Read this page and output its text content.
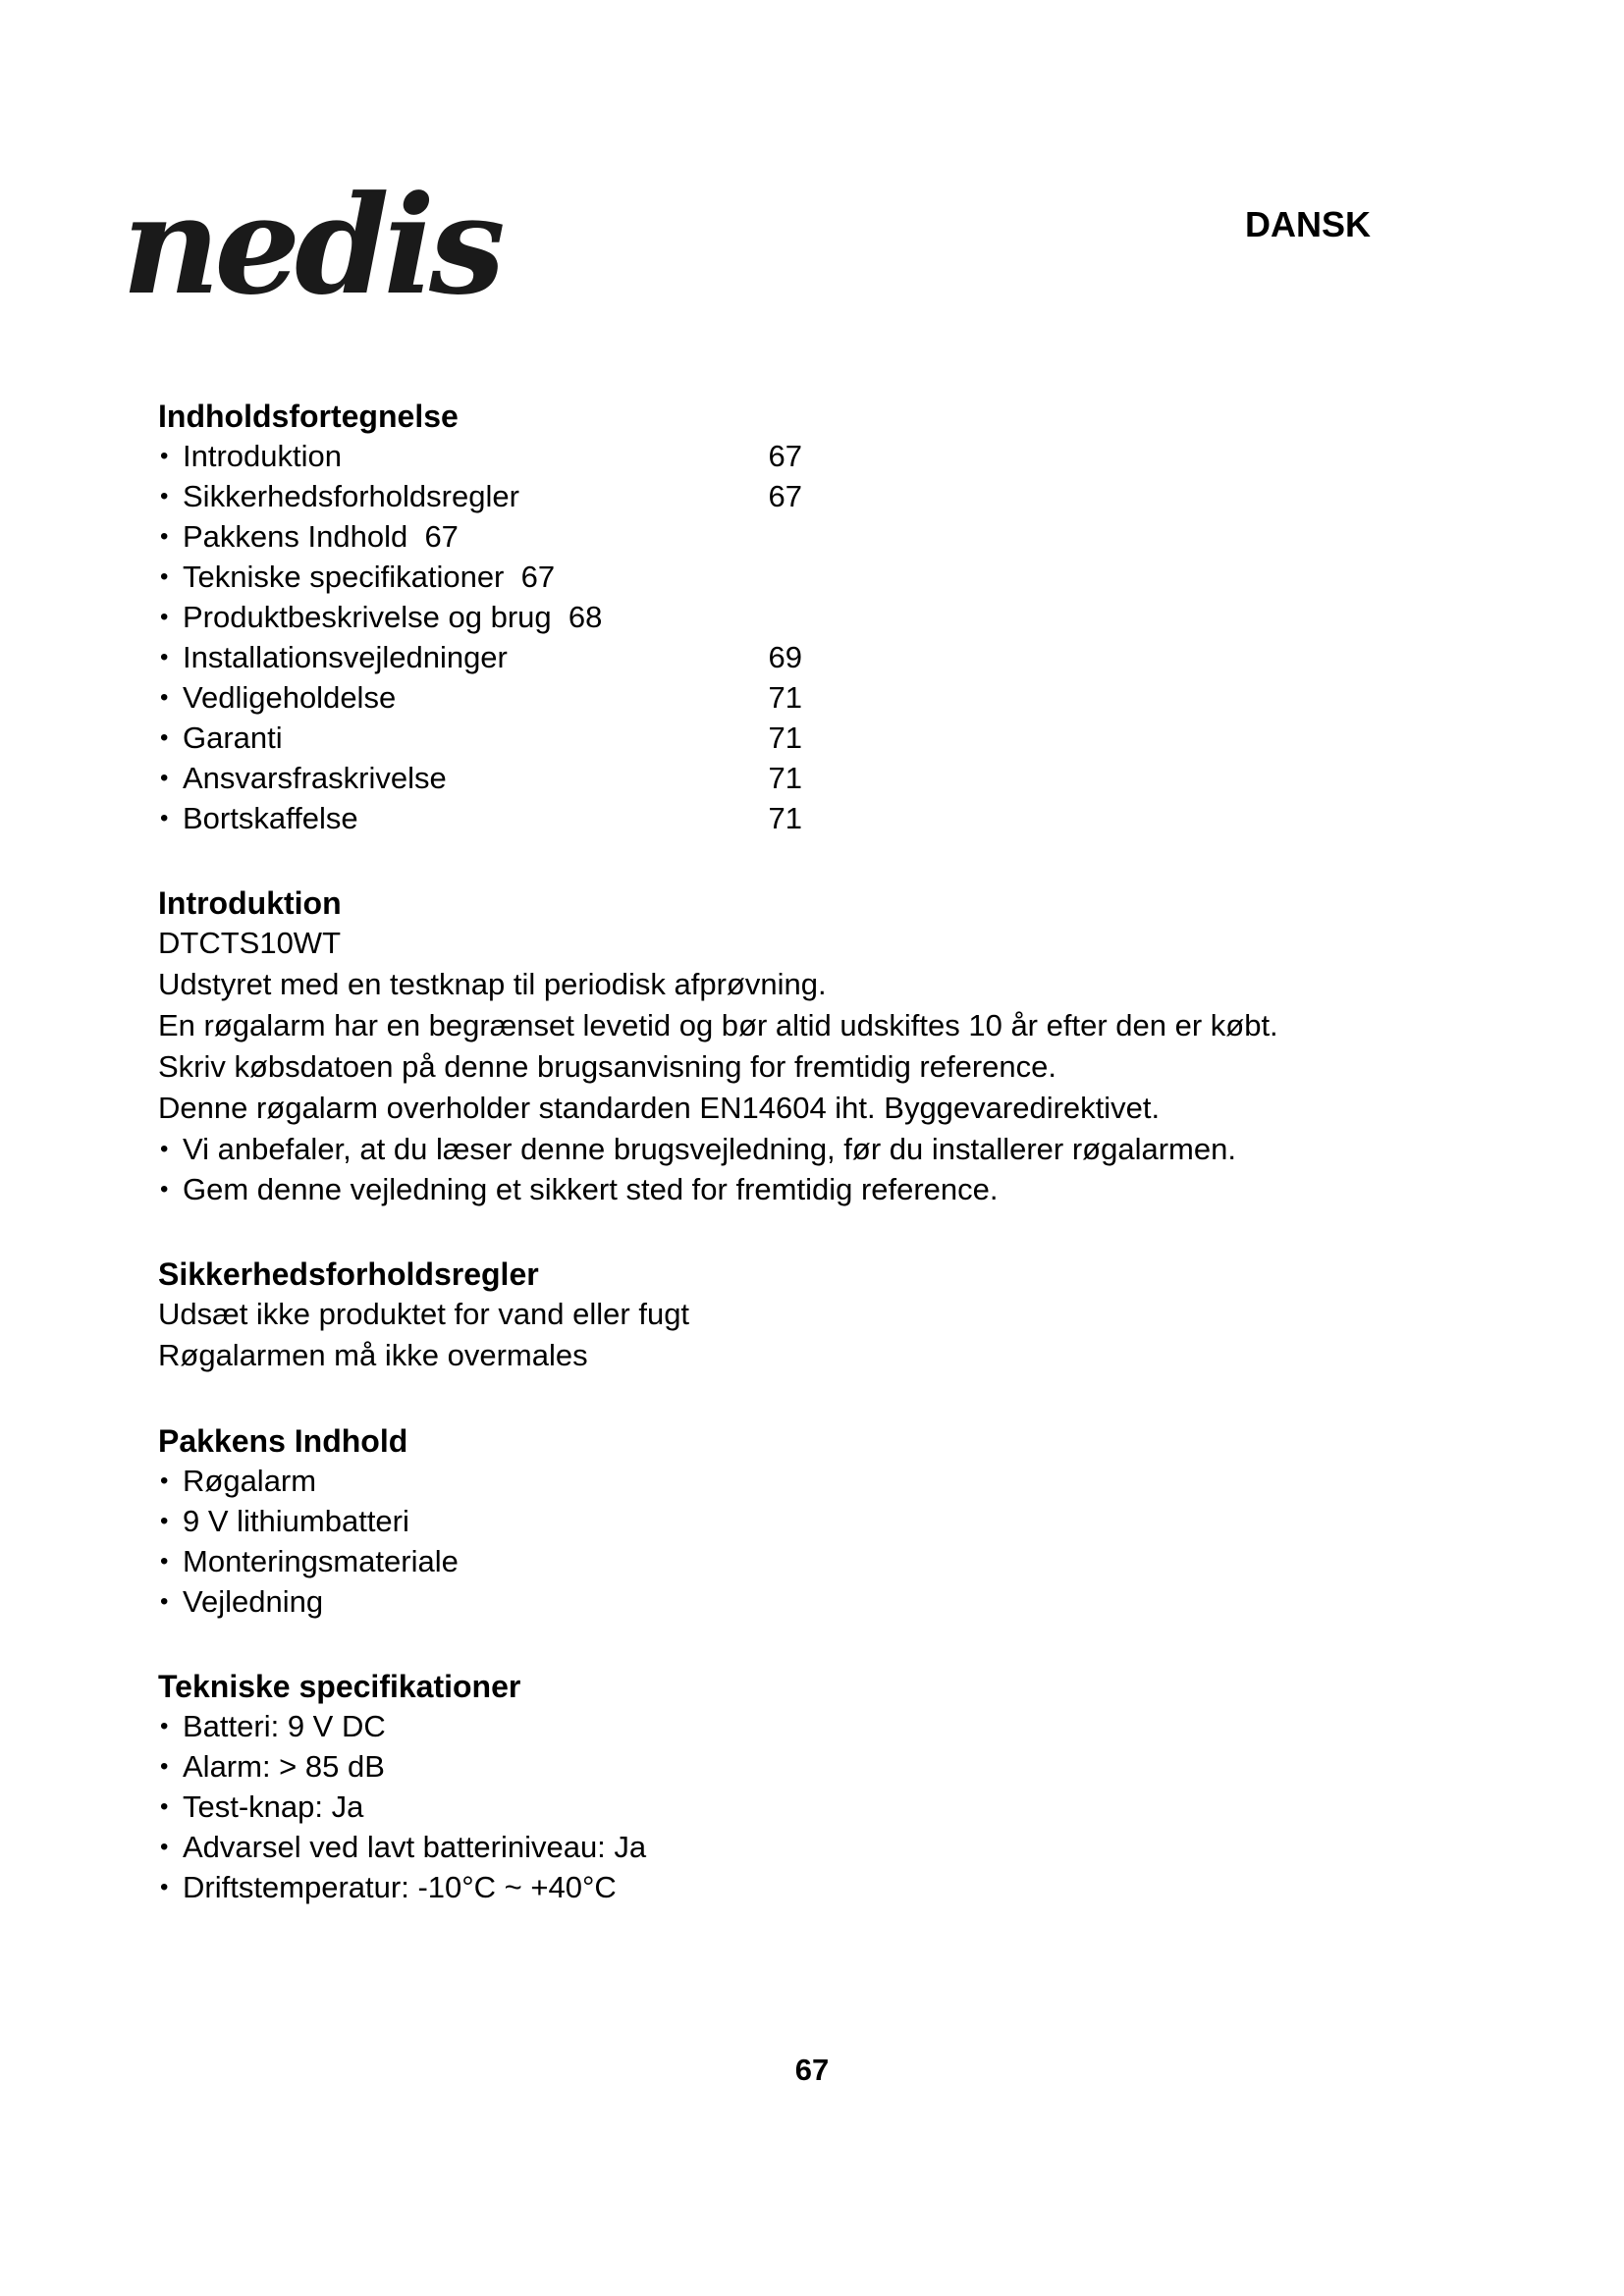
nedis	DANSK
Indholdsfortegnelse
• Introduktion	67
• Sikkerhedsforholdsregler	67
• Pakkens Indhold  67
• Tekniske specifikationer  67
• Produktbeskrivelse og brug  68
• Installationsvejledninger	69
• Vedligeholdelse	71
• Garanti	71
• Ansvarsfraskrivelse	71
• Bortskaffelse	71
Introduktion
DTCTS10WT
Udstyret med en testknap til periodisk afprøvning.
En røgalarm har en begrænset levetid og bør altid udskiftes 10 år efter den er købt.
Skriv købsdatoen på denne brugsanvisning for fremtidig reference.
Denne røgalarm overholder standarden EN14604 iht. Byggevaredirektivet.
• Vi anbefaler, at du læser denne brugsvejledning, før du installerer røgalarmen.
• Gem denne vejledning et sikkert sted for fremtidig reference.
Sikkerhedsforholdsregler
Udsæt ikke produktet for vand eller fugt
Røgalarmen må ikke overmales
Pakkens Indhold
• Røgalarm
• 9 V lithiumbatteri
• Monteringsmateriale
• Vejledning
Tekniske specifikationer
• Batteri: 9 V DC
• Alarm: > 85 dB
• Test-knap: Ja
• Advarsel ved lavt batteriniveau: Ja
• Driftstemperatur: -10°C ~ +40°C
67
